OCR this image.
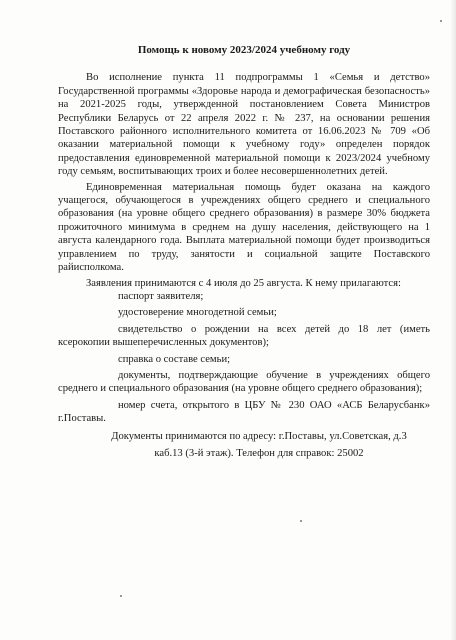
Помощь к новому 2023/2024 учебному году

Во исполнение пункта 11 подпрограммы 1 «Семья и детство» Государственной программы «Здоровье народа и демографическая безопасность» на 2021-2025 годы, утвержденной постановлением Совета Министров Республики Беларусь от 22 апреля 2022 г. № 237, на основании решения Поставского районного исполнительного комитета от 16.06.2023 № 709 «Об оказании материальной помощи к учебному году» определен порядок предоставления единовременной материальной помощи к 2023/2024 учебному году семьям, воспитывающих троих и более несовершеннолетних детей.

Единовременная материальная помощь будет оказана на каждого учащегося, обучающегося в учреждениях общего среднего и специального образования (на уровне общего среднего образования) в размере 30% бюджета прожиточного минимума в среднем на душу населения, действующего на 1 августа календарного года. Выплата материальной помощи будет производиться управлением по труду, занятости и социальной защите Поставского райисполкома.

Заявления принимаются с 4 июля до 25 августа. К нему прилагаются:

паспорт заявителя;
удостоверение многодетной семьи;
свидетельство о рождении на всех детей до 18 лет (иметь ксерокопии вышеперечисленных документов);
справка о составе семьи;
документы, подтверждающие обучение в учреждениях общего среднего и специального образования (на уровне общего среднего образования);
номер счета, открытого в ЦБУ № 230 ОАО «АСБ Беларусбанк» г.Поставы.
Документы принимаются по адресу: г.Поставы, ул.Советская, д.3
каб.13 (3-й этаж). Телефон для справок: 25002
